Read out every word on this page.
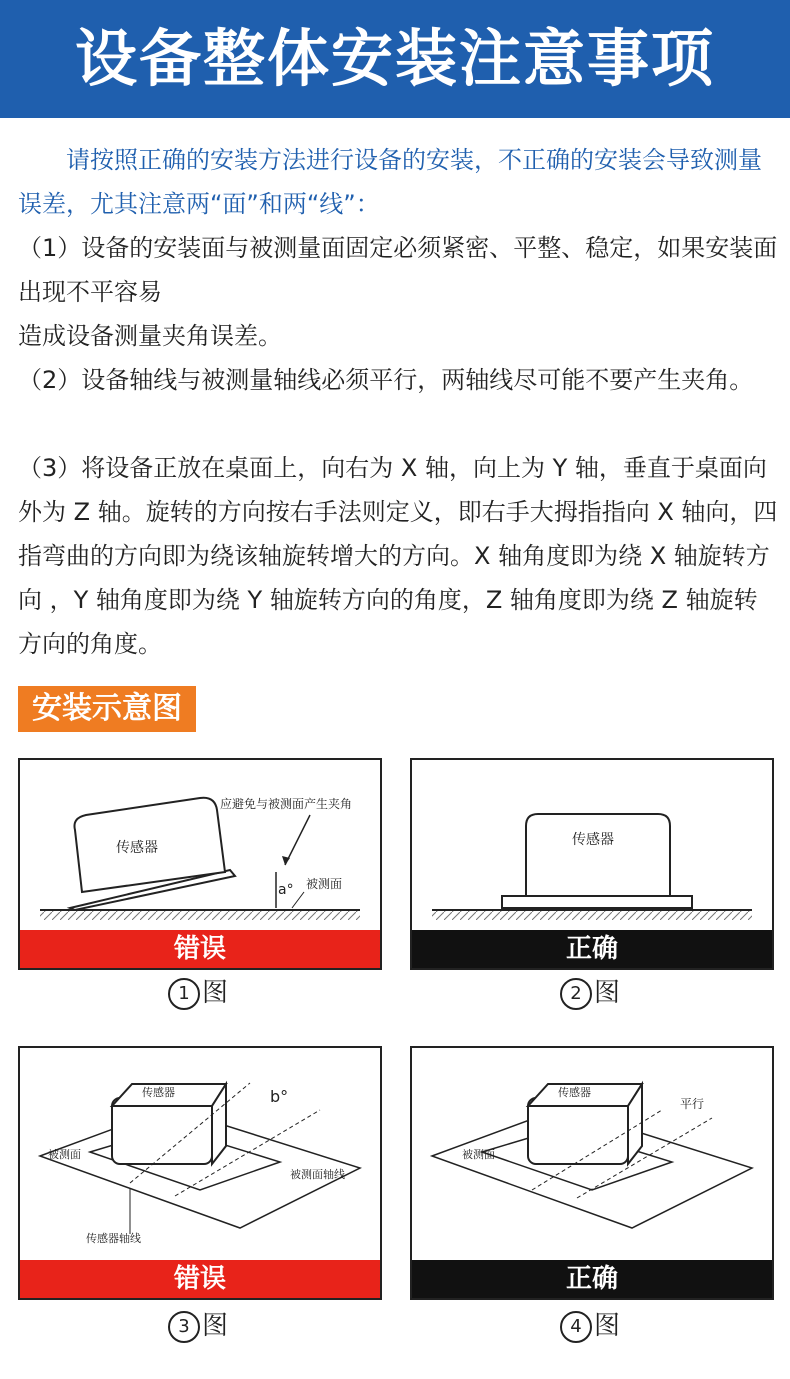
设备整体安装注意事项

请按照正确的安装方法进行设备的安装，不正确的安装会导致测量误差，尤其注意两“面”和两“线”：

（1）设备的安装面与被测量面固定必须紧密、平整、稳定，如果安装面出现不平容易

造成设备测量夹角误差。

（2）设备轴线与被测量轴线必须平行，两轴线尽可能不要产生夹角。

（3）将设备正放在桌面上，向右为 X 轴，向上为 Y 轴，垂直于桌面向外为 Z 轴。旋转的方向按右手法则定义，即右手大拇指指向 X 轴向，四指弯曲的方向即为绕该轴旋转增大的方向。X 轴角度即为绕 X 轴旋转方向 ，Y 轴角度即为绕 Y 轴旋转方向的角度，Z 轴角度即为绕 Z 轴旋转方向的角度。

安装示意图
传感器
应避免与被测面产生夹角
a° 被测面
错误
1 图
传感器
正确
2 图
传感器	b°
被测面
被测面轴线
传感器轴线
错误
3 图
传感器
平行
被测面
正确
4 图
